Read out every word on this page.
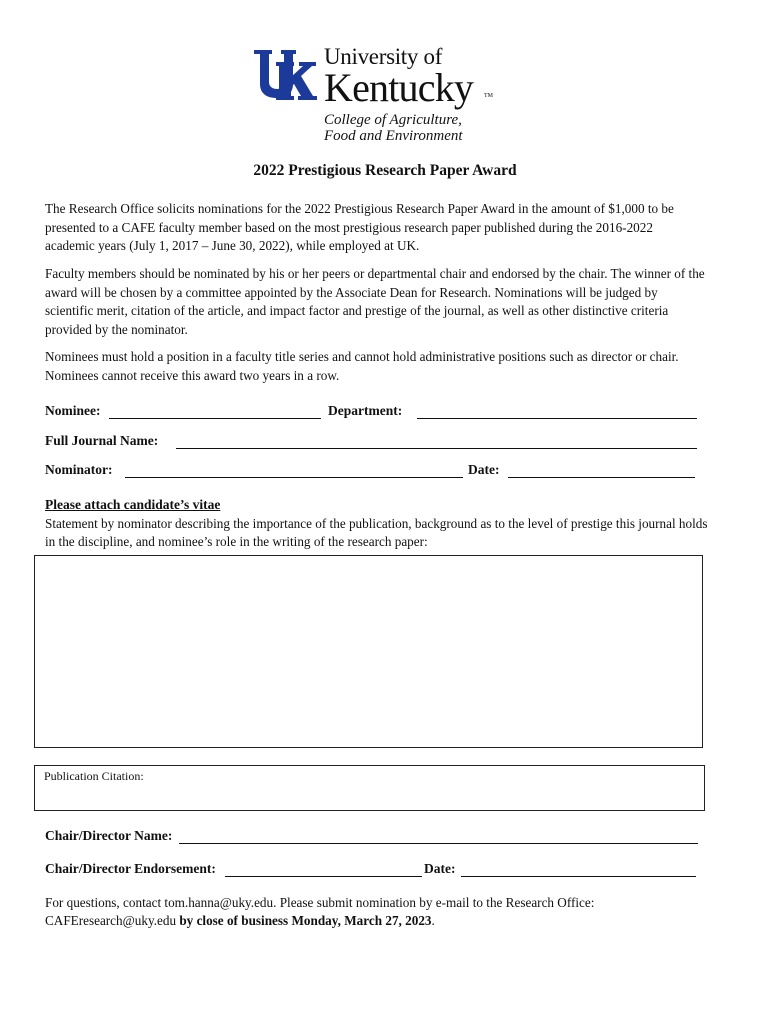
University of
Kentucky TM
College of Agriculture,
Food and Environment
2022 Prestigious Research Paper Award
The Research Office solicits nominations for the 2022 Prestigious Research Paper Award in the amount of $1,000 to be presented to a CAFE faculty member based on the most prestigious research paper published during the 2016-2022 academic years (July 1, 2017 – June 30, 2022), while employed at UK.
Faculty members should be nominated by his or her peers or departmental chair and endorsed by the chair. The winner of the award will be chosen by a committee appointed by the Associate Dean for Research. Nominations will be judged by scientific merit, citation of the article, and impact factor and prestige of the journal, as well as other distinctive criteria provided by the nominator.
Nominees must hold a position in a faculty title series and cannot hold administrative positions such as director or chair. Nominees cannot receive this award two years in a row.
Nominee:	Department:
Full Journal Name:
Nominator:	Date:
Please attach candidate’s vitae
Statement by nominator describing the importance of the publication, background as to the level of prestige this journal holds in the discipline, and nominee’s role in the writing of the research paper:
Publication Citation:
Chair/Director Name:
Chair/Director Endorsement:	Date:
For questions, contact tom.hanna@uky.edu. Please submit nomination by e-mail to the Research Office: CAFEresearch@uky.edu by close of business Monday, March 27, 2023.
